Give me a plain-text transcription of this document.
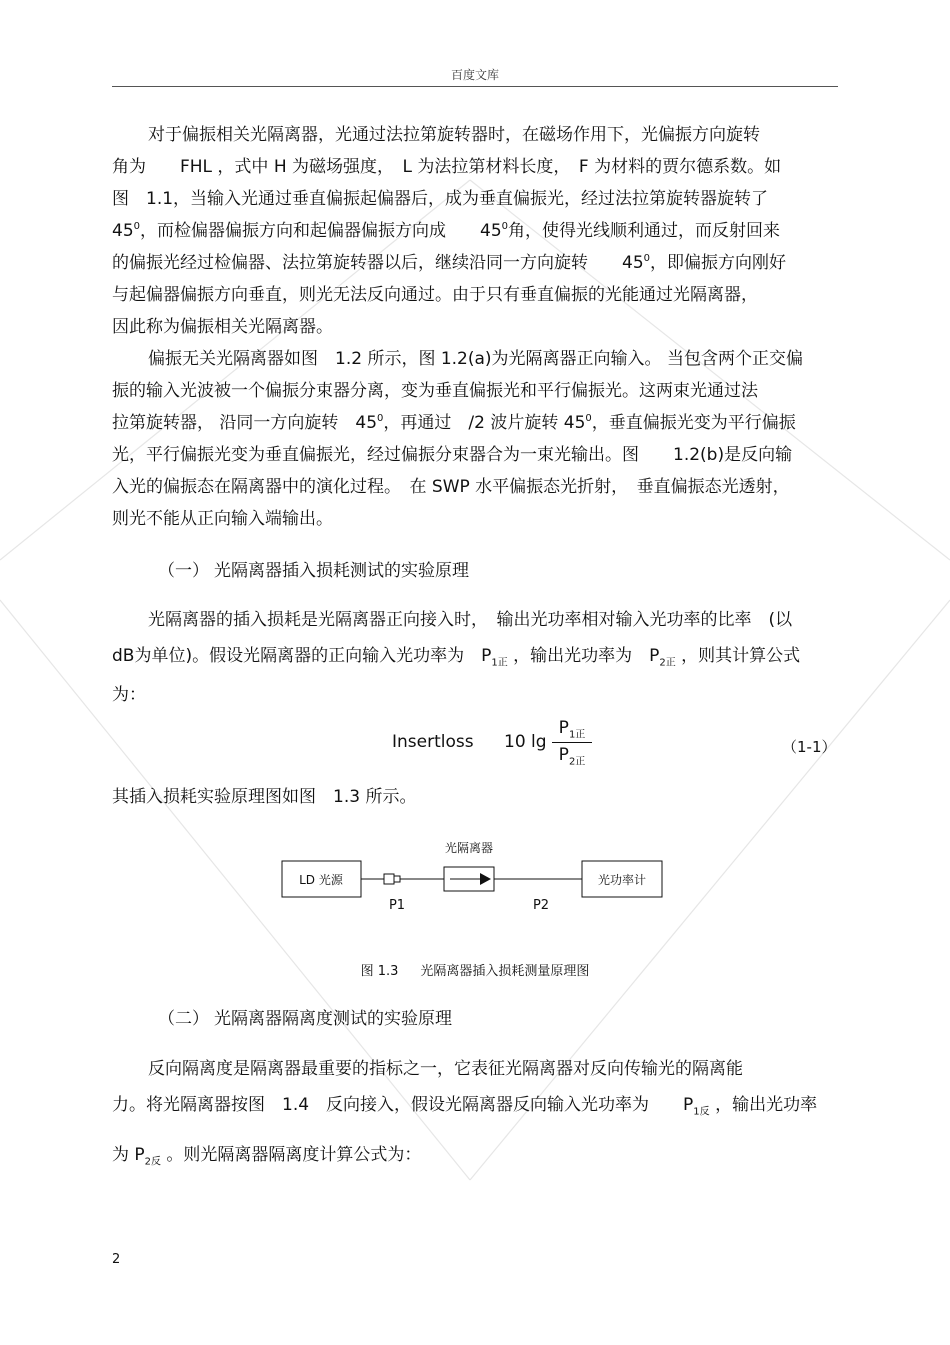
百度文库
对于偏振相关光隔离器，光通过法拉第旋转器时，在磁场作用下，光偏振方向旋转
角为　　FHL ，式中 H 为磁场强度，　L 为法拉第材料长度，　F 为材料的贾尔德系数。如
图　1.1，当输入光通过垂直偏振起偏器后，成为垂直偏振光，经过法拉第旋转器旋转了
$45^0$，而检偏器偏振方向和起偏器偏振方向成　　$45^0$角，使得光线顺利通过，而反射回来
的偏振光经过检偏器、法拉第旋转器以后，继续沿同一方向旋转　　$45^0$，即偏振方向刚好
与起偏器偏振方向垂直，则光无法反向通过。由于只有垂直偏振的光能通过光隔离器，
因此称为偏振相关光隔离器。
偏振无关光隔离器如图　1.2 所示，图 1.2(a)为光隔离器正向输入。 当包含两个正交偏
振的输入光波被一个偏振分束器分离，变为垂直偏振光和平行偏振光。这两束光通过法
拉第旋转器， 沿同一方向旋转　$45^0$，再通过　/2 波片旋转 $45^0$，垂直偏振光变为平行偏振
光，平行偏振光变为垂直偏振光，经过偏振分束器合为一束光输出。图　　1.2(b)是反向输
入光的偏振态在隔离器中的演化过程。　在 SWP 水平偏振态光折射，　垂直偏振态光透射，
则光不能从正向输入端输出。
（一） 光隔离器插入损耗测试的实验原理
光隔离器的插入损耗是光隔离器正向接入时，　输出光功率相对输入光功率的比率　(以
dB为单位)。假设光隔离器的正向输入光功率为　$P_{1正}$ ，输出光功率为　$P_{2正}$ ，则其计算公式
为：
Insertloss 10 lg
$P_{1正}$
$P_{2正}$
（1-1）
其插入损耗实验原理图如图　1.3 所示。
光隔离器
LD 光源	光功率计
P1	P2
图 1.3 光隔离器插入损耗测量原理图
（二） 光隔离器隔离度测试的实验原理
反向隔离度是隔离器最重要的指标之一，它表征光隔离器对反向传输光的隔离能
力。将光隔离器按图　1.4　反向接入，假设光隔离器反向输入光功率为　　$P_{1反}$ ，输出光功率
为 $P_{2反}$ 。则光隔离器隔离度计算公式为：
2
